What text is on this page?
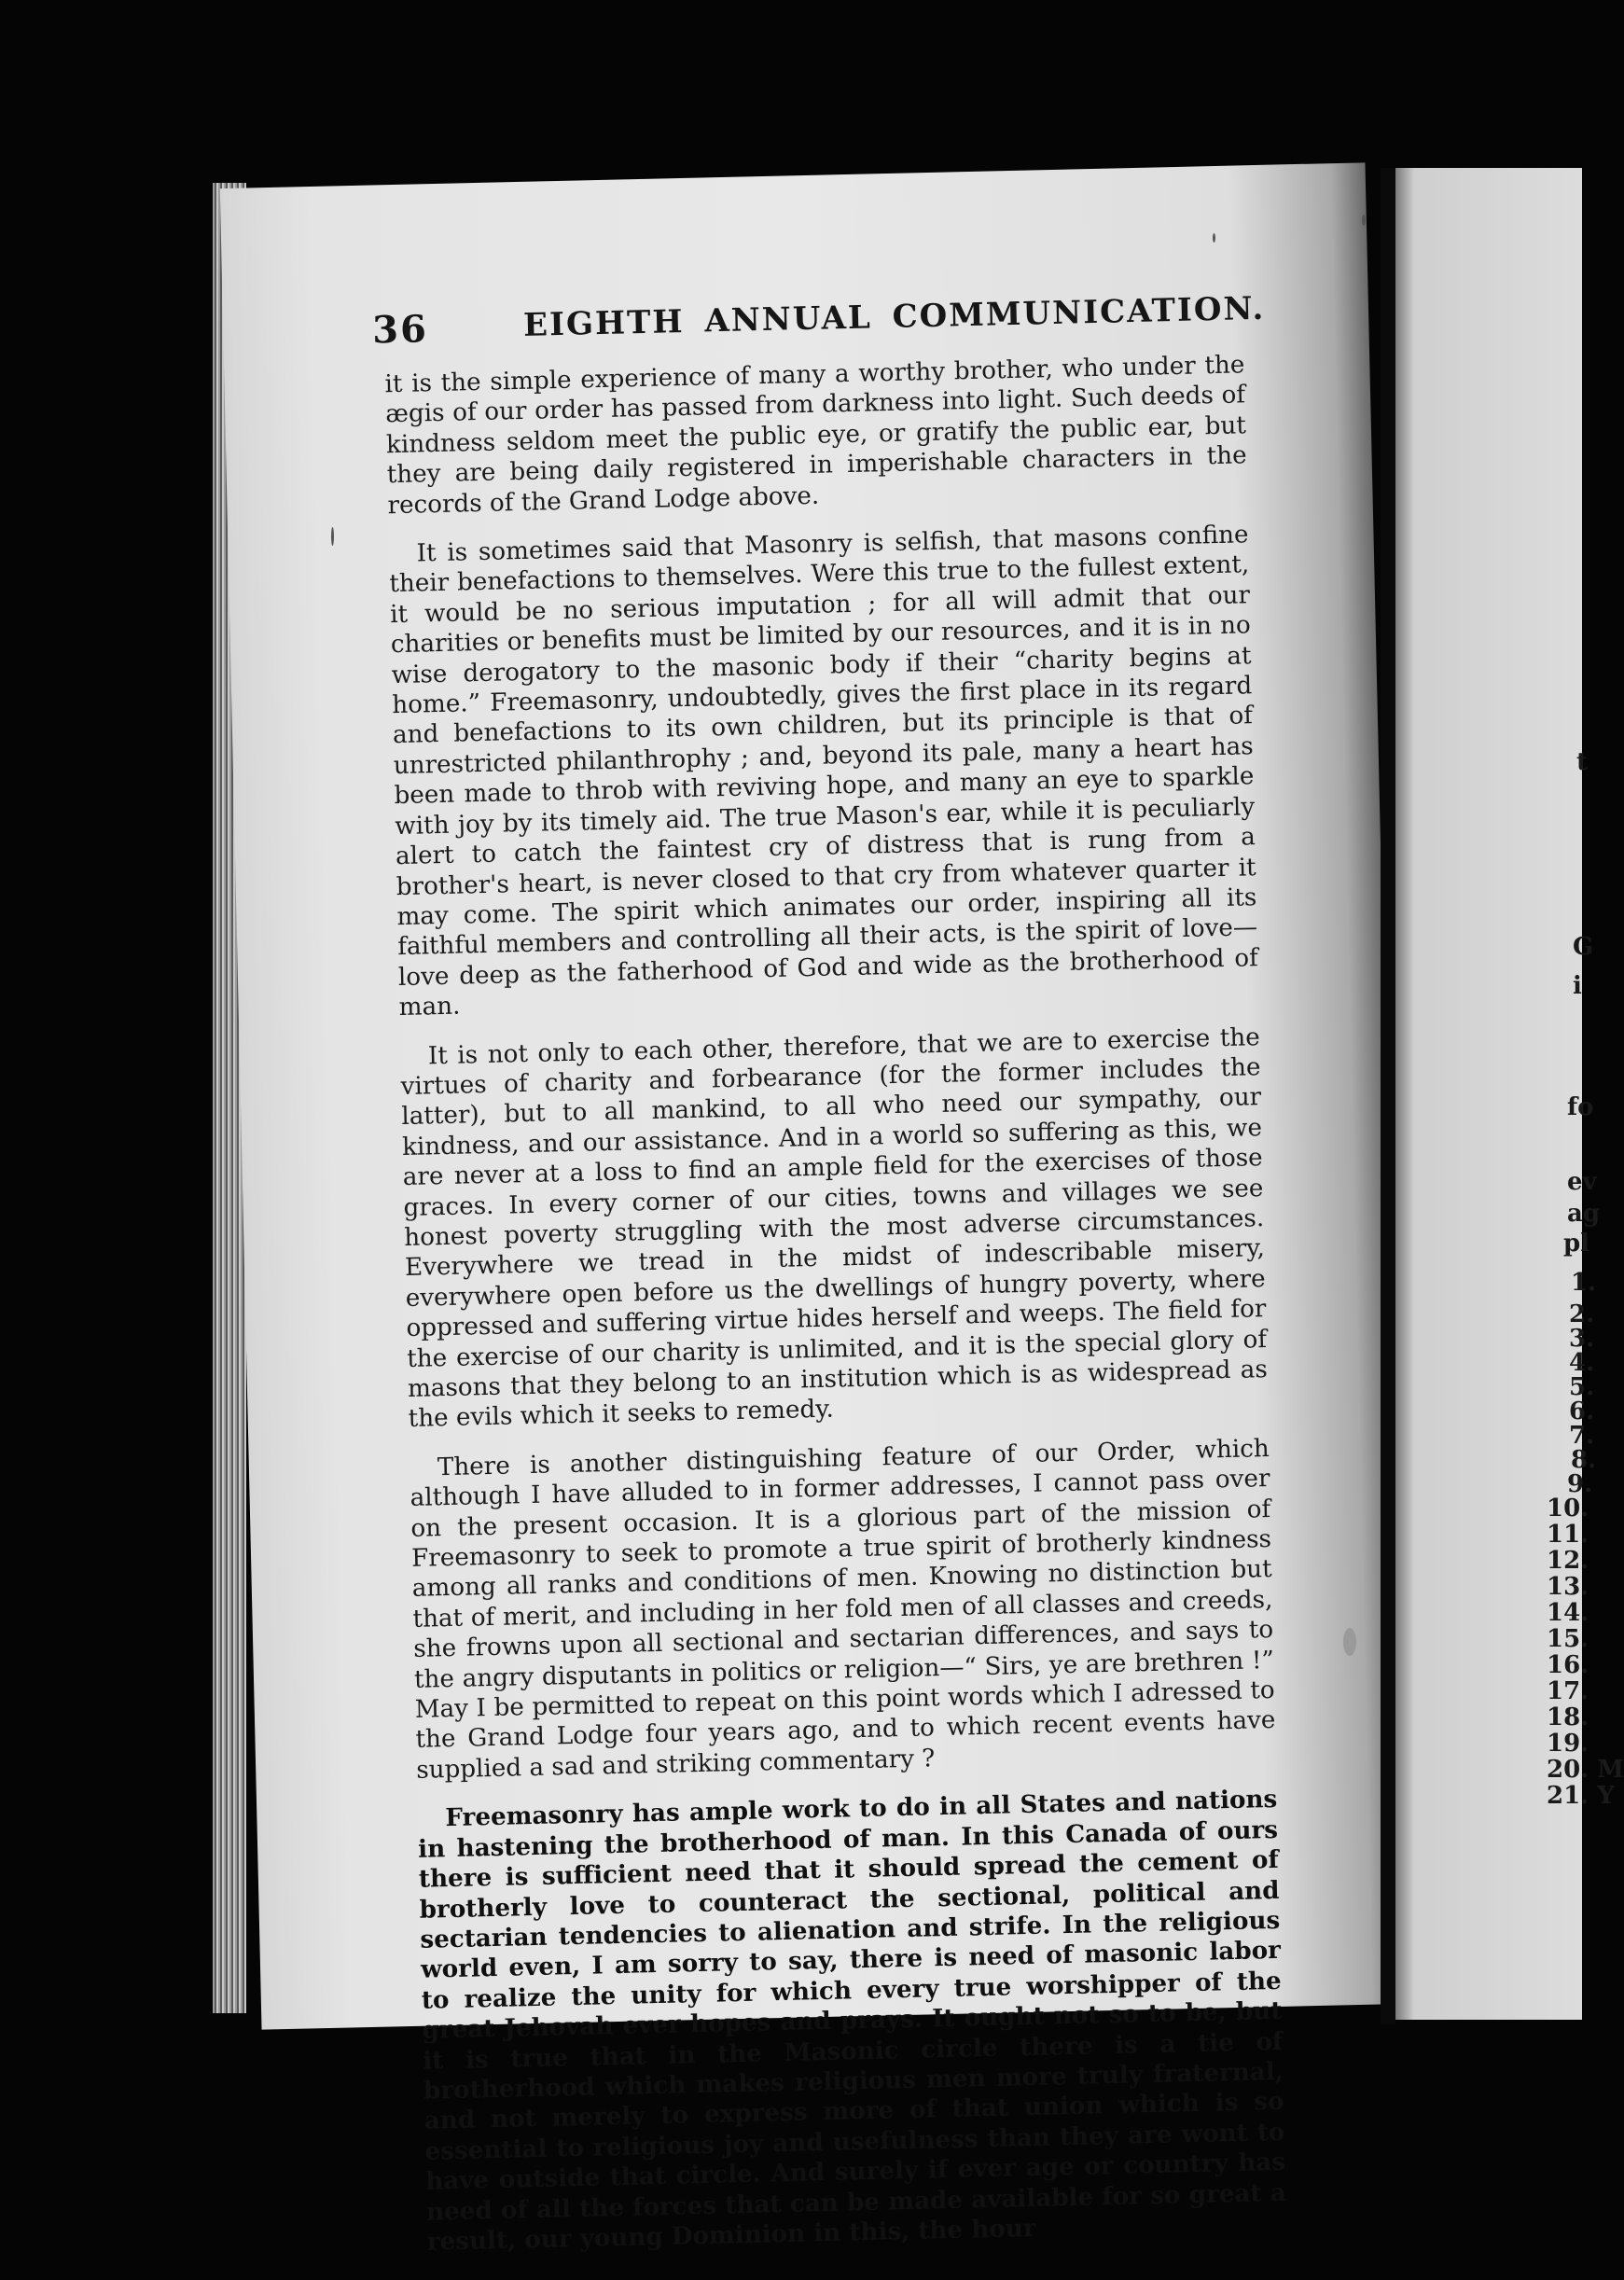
36	EIGHTH ANNUAL COMMUNICATION.

it is the simple experience of many a worthy brother, who under the ægis of our order has passed from darkness into light. Such deeds of kindness seldom meet the public eye, or gratify the public ear, but they are being daily registered in imperishable characters in the records of the Grand Lodge above.

It is sometimes said that Masonry is selfish, that masons confine their benefactions to themselves. Were this true to the fullest extent, it would be no serious imputation ; for all will admit that our charities or benefits must be limited by our resources, and it is in no wise derogatory to the masonic body if their “charity begins at home.” Freemasonry, undoubtedly, gives the first place in its regard and benefactions to its own children, but its principle is that of unrestricted philanthrophy ; and, beyond its pale, many a heart has been made to throb with reviving hope, and many an eye to sparkle with joy by its timely aid. The true Mason's ear, while it is peculiarly alert to catch the faintest cry of distress that is rung from a brother's heart, is never closed to that cry from whatever quarter it may come. The spirit which animates our order, inspiring all its faithful members and controlling all their acts, is the spirit of love—love deep as the fatherhood of God and wide as the brotherhood of man.

It is not only to each other, therefore, that we are to exercise the virtues of charity and forbearance (for the former includes the latter), but to all mankind, to all who need our sympathy, our kindness, and our assistance. And in a world so suffering as this, we are never at a loss to find an ample field for the exercises of those graces. In every corner of our cities, towns and villages we see honest poverty struggling with the most adverse circumstances. Everywhere we tread in the midst of indescribable misery, everywhere open before us the dwellings of hungry poverty, where oppressed and suffering virtue hides herself and weeps. The field for the exercise of our charity is unlimited, and it is the special glory of masons that they belong to an institution which is as widespread as the evils which it seeks to remedy.

There is another distinguishing feature of our Order, which although I have alluded to in former addresses, I cannot pass over on the present occasion. It is a glorious part of the mission of Freemasonry to seek to promote a true spirit of brotherly kindness among all ranks and conditions of men. Knowing no distinction but that of merit, and including in her fold men of all classes and creeds, she frowns upon all sectional and sectarian differences, and says to the angry disputants in politics or religion—“ Sirs, ye are brethren !” May I be permitted to repeat on this point words which I adressed to the Grand Lodge four years ago, and to which recent events have supplied a sad and striking commentary ?

Freemasonry has ample work to do in all States and nations in hastening the brotherhood of man. In this Canada of ours there is sufficient need that it should spread the cement of brotherly love to counteract the sectional, political and sectarian tendencies to alienation and strife. In the religious world even, I am sorry to say, there is need of masonic labor to realize the unity for which every true worshipper of the great Jehovah ever hopes and prays. It ought not so to be, but it is true that in the Masonic circle there is a tie of brotherhood which makes religious men more truly fraternal, and not merely to express more of that union which is so essential to religious joy and usefulness than they are wont to have outside that circle. And surely if ever age or country has need of all the forces that can be made available for so great a result, our young Dominion in this, the hour

t
G
i
fo
ev
ag
pl
1.
2.
3.
4.
5.
6.
7.
8.
9.
10.
11.
12.
13.
14.
15.
16.
17.
18.
19.
20. M
21. Y
